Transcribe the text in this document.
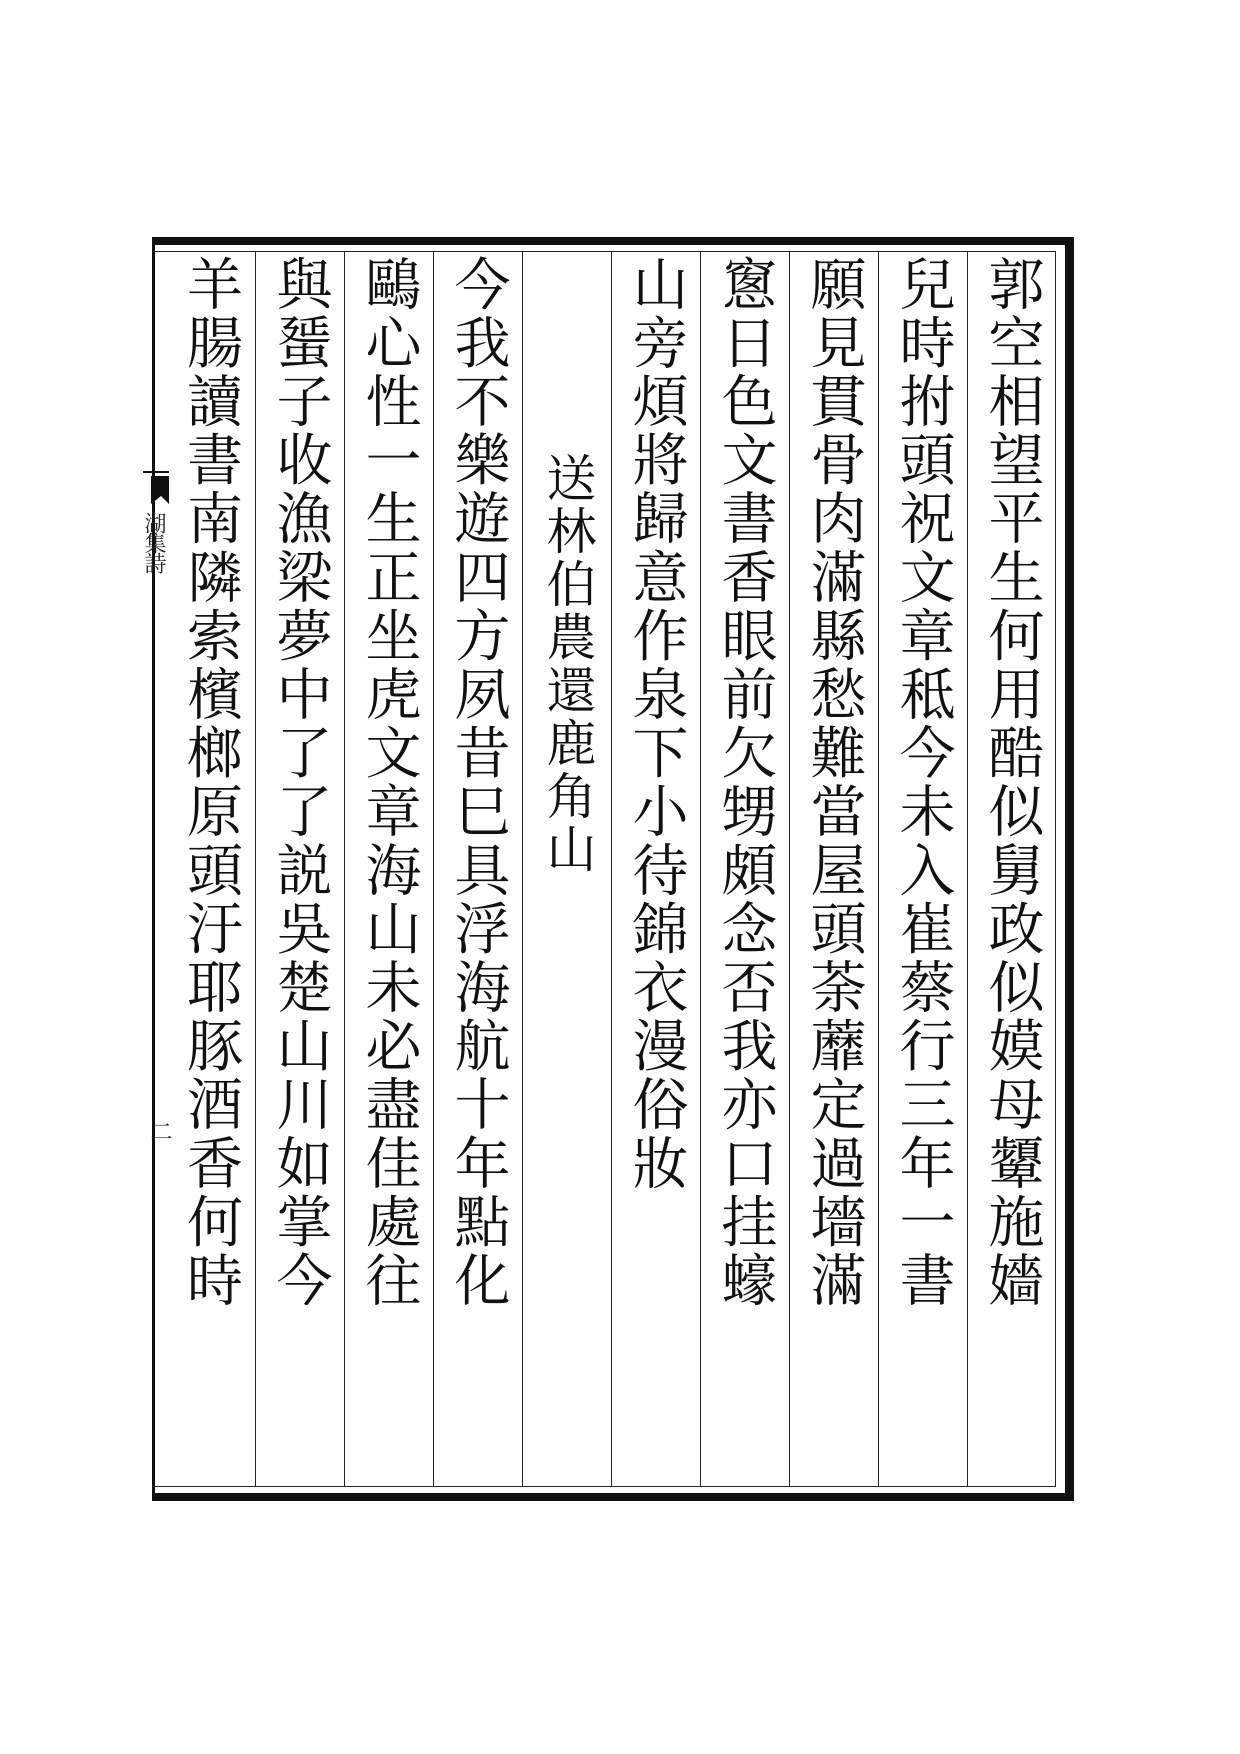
湖集詩
二	郭空相望平生何用酷似舅政似嫫母顰施嬙
兒時拊頭祝文章秪今未入崔蔡行三年一書
願見貫骨肉滿縣愁難當屋頭荼蘼定過墻滿
窻日色文書香眼前欠甥頗念否我亦口挂蠔
山旁煩將歸意作泉下小待錦衣漫俗妝
送林伯農還鹿角山
今我不樂遊四方夙昔巳具浮海航十年點化
鷗心性一生正坐虎文章海山未必盡佳處往
與蜑子收漁梁夢中了了説吳楚山川如掌今
羊腸讀書南隣索檳榔原頭汙耶豚酒香何時
